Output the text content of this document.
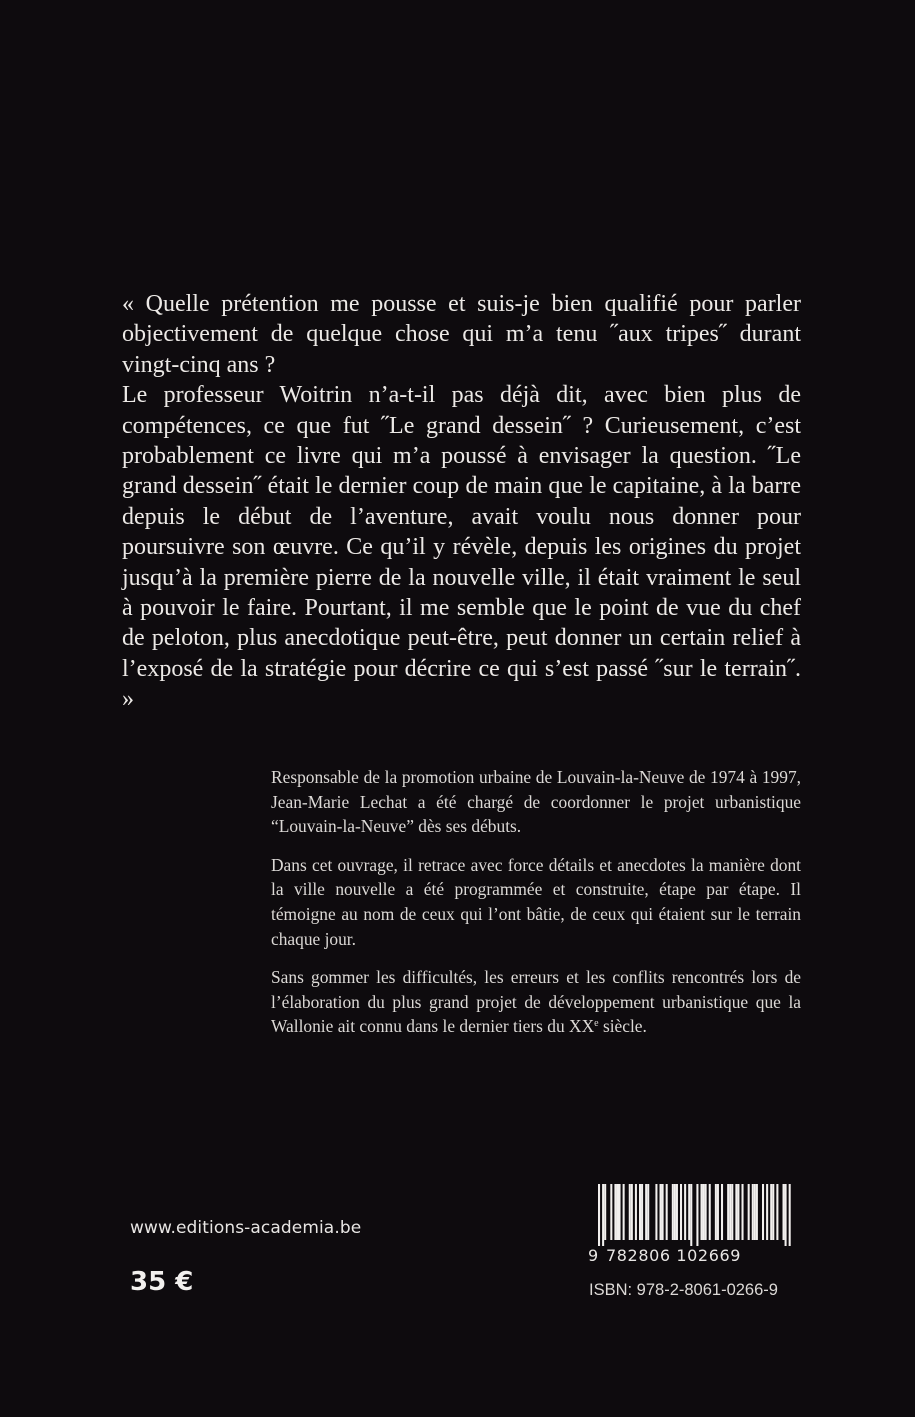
« Quelle prétention me pousse et suis-je bien qualifié pour parler objectivement de quelque chose qui m’a tenu ˝aux tripes˝ durant vingt-cinq ans ?

Le professeur Woitrin n’a-t-il pas déjà dit, avec bien plus de compétences, ce que fut ˝Le grand dessein˝ ? Curieusement, c’est probablement ce livre qui m’a poussé à envisager la question. ˝Le grand dessein˝ était le dernier coup de main que le capitaine, à la barre depuis le début de l’aventure, avait voulu nous donner pour poursuivre son œuvre. Ce qu’il y révèle, depuis les origines du projet jusqu’à la première pierre de la nouvelle ville, il était vraiment le seul à pouvoir le faire. Pourtant, il me semble que le point de vue du chef de peloton, plus anecdotique peut-être, peut donner un certain relief à l’exposé de la stratégie pour décrire ce qui s’est passé ˝sur le terrain˝. »

Responsable de la promotion urbaine de Louvain-la-Neuve de 1974 à 1997, Jean-Marie Lechat a été chargé de coordonner le projet urbanistique “Louvain-la-Neuve” dès ses débuts.

Dans cet ouvrage, il retrace avec force détails et anecdotes la manière dont la ville nouvelle a été programmée et construite, étape par étape. Il témoigne au nom de ceux qui l’ont bâtie, de ceux qui étaient sur le terrain chaque jour.

Sans gommer les difficultés, les erreurs et les conflits rencontrés lors de l’élaboration du plus grand projet de développement urbanistique que la Wallonie ait connu dans le dernier tiers du XXe siècle.

www.editions-academia.be
35 €
9 782806 102669
ISBN: 978-2-8061-0266-9
